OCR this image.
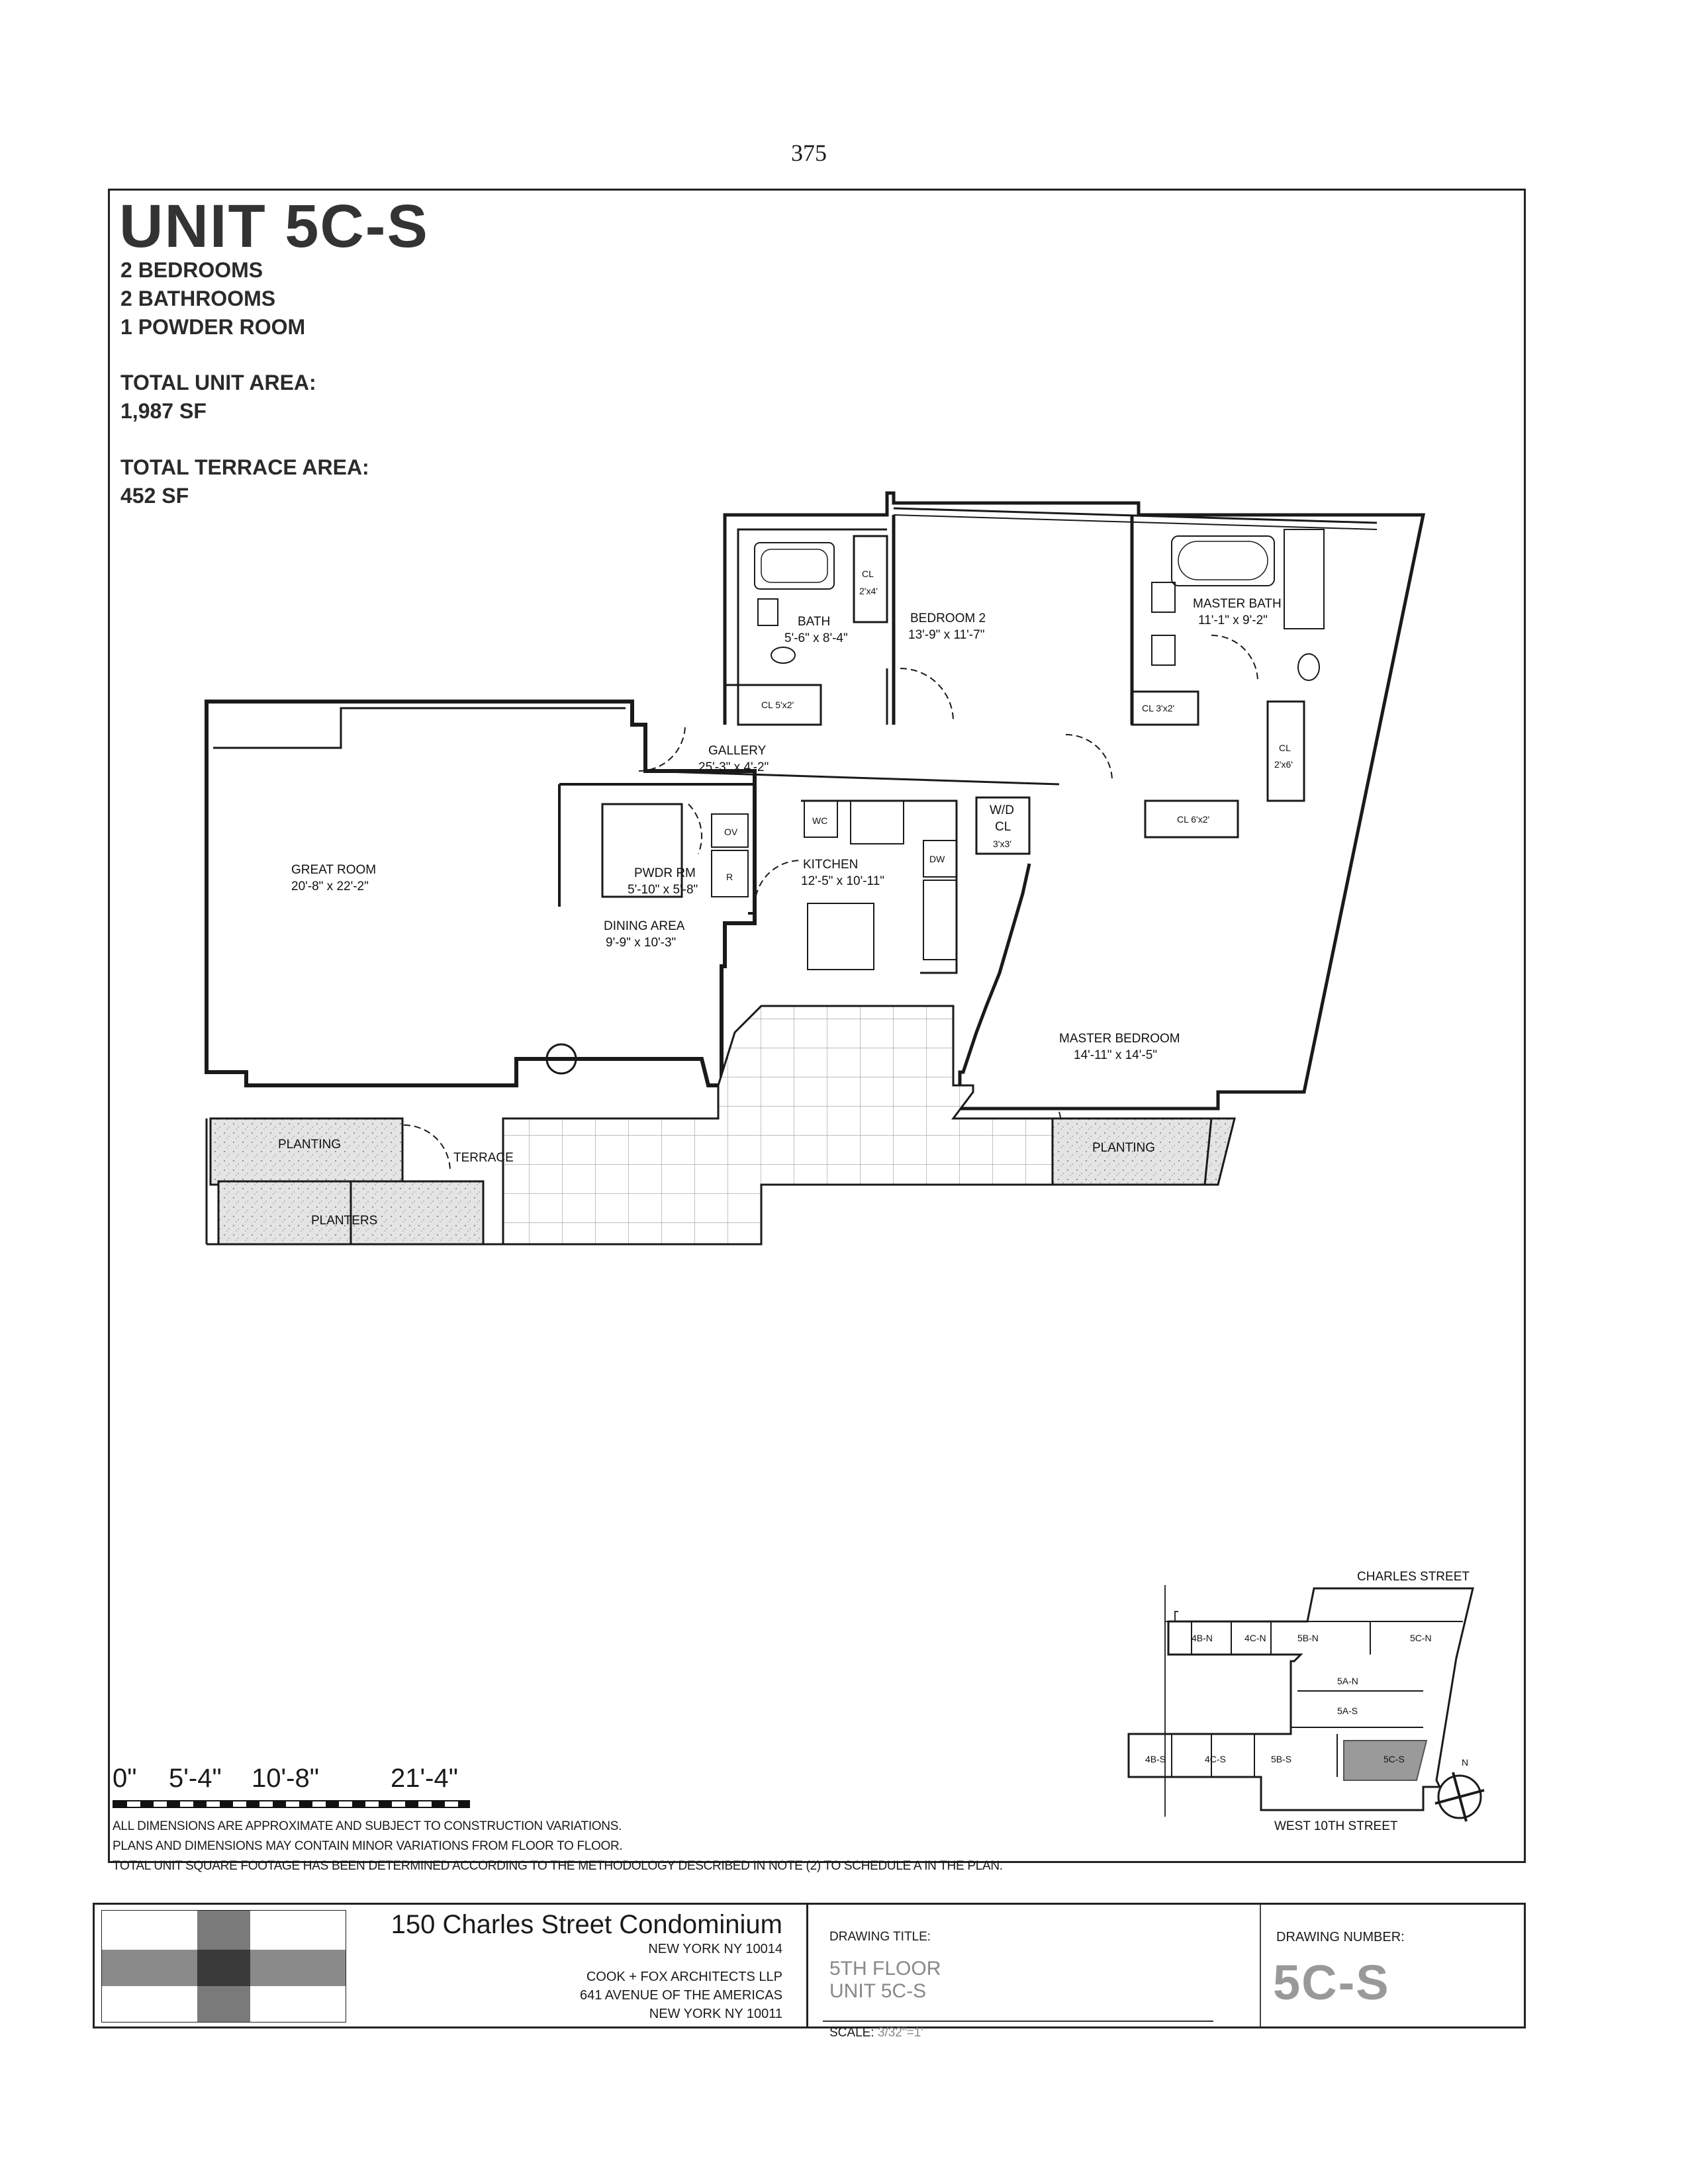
375
UNIT 5C-S
2 BEDROOMS
2 BATHROOMS
1 POWDER ROOM
TOTAL UNIT AREA:
1,987 SF
TOTAL TERRACE AREA:
452 SF
CL
2'x4'
BATH
5'-6" x 8'-4"
BEDROOM 2
13'-9" x 11'-7"
MASTER BATH
11'-1" x 9'-2"
CL 5'x2'	CL 3'x2'
CL
2'x6'
GALLERY
25'-3" x 4'-2"
GREAT ROOM
20'-8" x 22'-2"
WC
OV
R
DW
W/D
CL
3'x3'
CL 6'x2'
PWDR RM
5'-10" x 5'-8"
KITCHEN
12'-5" x 10'-11"
DINING AREA
9'-9" x 10'-3"
MASTER BEDROOM
14'-11" x 14'-5"
PLANTING
TERRACE
PLANTERS
PLANTING
CHARLES STREET
4B-N	4C-N	5B-N	5C-N
5A-N
5A-S
4B-S	4C-S	5B-S	5C-S
WEST 10TH STREET
N
0" 5'-4" 10'-8"	21'-4"
ALL DIMENSIONS ARE APPROXIMATE AND SUBJECT TO CONSTRUCTION VARIATIONS.
PLANS AND DIMENSIONS MAY CONTAIN MINOR VARIATIONS FROM FLOOR TO FLOOR.
TOTAL UNIT SQUARE FOOTAGE HAS BEEN DETERMINED ACCORDING TO THE METHODOLOGY DESCRIBED IN NOTE (2) TO SCHEDULE A IN THE PLAN.
150 Charles Street Condominium
NEW YORK NY 10014
COOK + FOX ARCHITECTS LLP
641 AVENUE OF THE AMERICAS
NEW YORK NY 10011
DRAWING TITLE:
5TH FLOOR
UNIT 5C-S
SCALE: 3/32"=1'
DRAWING NUMBER:
5C-S
